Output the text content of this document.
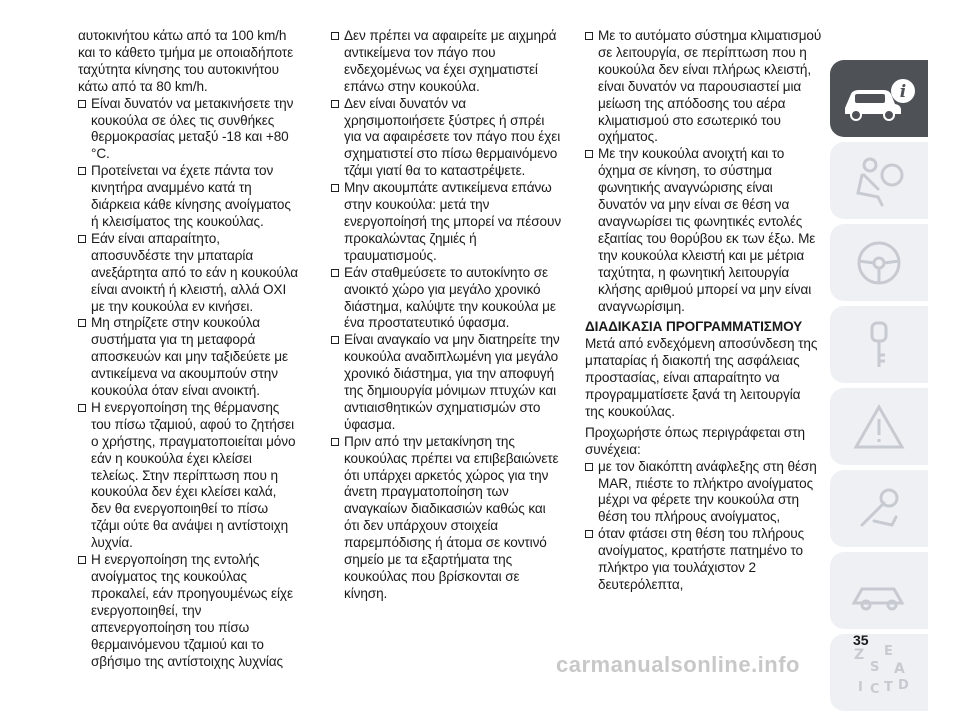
αυτοκινήτου κάτω από τα 100 km/h και το κάθετο τμήμα με οποιαδήποτε ταχύτητα κίνησης του αυτοκινήτου κάτω από τα 80 km/h.

Είναι δυνατόν να μετακινήσετε την κουκούλα σε όλες τις συνθήκες θερμοκρασίας μεταξύ -18 και +80 °C.
Προτείνεται να έχετε πάντα τον κινητήρα αναμμένο κατά τη διάρκεια κάθε κίνησης ανοίγματος ή κλεισίματος της κουκούλας.
Εάν είναι απαραίτητο, αποσυνδέστε την μπαταρία ανεξάρτητα από το εάν η κουκούλα είναι ανοικτή ή κλειστή, αλλά ΟΧΙ με την κουκούλα εν κινήσει.
Μη στηρίζετε στην κουκούλα συστήματα για τη μεταφορά αποσκευών και μην ταξιδεύετε με αντικείμενα να ακουμπούν στην κουκούλα όταν είναι ανοικτή.
Η ενεργοποίηση της θέρμανσης του πίσω τζαμιού, αφού το ζητήσει ο χρήστης, πραγματοποιείται μόνο εάν η κουκούλα έχει κλείσει τελείως. Στην περίπτωση που η κουκούλα δεν έχει κλείσει καλά, δεν θα ενεργοποιηθεί το πίσω τζάμι ούτε θα ανάψει η αντίστοιχη λυχνία.
Η ενεργοποίηση της εντολής ανοίγματος της κουκούλας προκαλεί, εάν προηγουμένως είχε ενεργοποιηθεί, την απενεργοποίηση του πίσω θερμαινόμενου τζαμιού και το σβήσιμο της αντίστοιχης λυχνίας
Δεν πρέπει να αφαιρείτε με αιχμηρά αντικείμενα τον πάγο που ενδεχομένως να έχει σχηματιστεί επάνω στην κουκούλα.
Δεν είναι δυνατόν να χρησιμοποιήσετε ξύστρες ή σπρέι για να αφαιρέσετε τον πάγο που έχει σχηματιστεί στο πίσω θερμαινόμενο τζάμι γιατί θα το καταστρέψετε.
Μην ακουμπάτε αντικείμενα επάνω στην κουκούλα: μετά την ενεργοποίησή της μπορεί να πέσουν προκαλώντας ζημιές ή τραυματισμούς.
Εάν σταθμεύσετε το αυτοκίνητο σε ανοικτό χώρο για μεγάλο χρονικό διάστημα, καλύψτε την κουκούλα με ένα προστατευτικό ύφασμα.
Είναι αναγκαίο να μην διατηρείτε την κουκούλα αναδιπλωμένη για μεγάλο χρονικό διάστημα, για την αποφυγή της δημιουργία μόνιμων πτυχών και αντιαισθητικών σχηματισμών στο ύφασμα.
Πριν από την μετακίνηση της κουκούλας πρέπει να επιβεβαιώνετε ότι υπάρχει αρκετός χώρος για την άνετη πραγματοποίηση των αναγκαίων διαδικασιών καθώς και ότι δεν υπάρχουν στοιχεία παρεμπόδισης ή άτομα σε κοντινό σημείο με τα εξαρτήματα της κουκούλας που βρίσκονται σε κίνηση.
Με το αυτόματο σύστημα κλιματισμού σε λειτουργία, σε περίπτωση που η κουκούλα δεν είναι πλήρως κλειστή, είναι δυνατόν να παρουσιαστεί μια μείωση της απόδοσης του αέρα κλιματισμού στο εσωτερικό του οχήματος.
Με την κουκούλα ανοιχτή και το όχημα σε κίνηση, το σύστημα φωνητικής αναγνώρισης είναι δυνατόν να μην είναι σε θέση να αναγνωρίσει τις φωνητικές εντολές εξαιτίας του θορύβου εκ των έξω. Με την κουκούλα κλειστή και με μέτρια ταχύτητα, η φωνητική λειτουργία κλήσης αριθμού μπορεί να μην είναι αναγνωρίσιμη.

ΔΙΑΔΙΚΑΣΙΑ ΠΡΟΓΡΑΜΜΑΤΙΣΜΟΥ

Μετά από ενδεχόμενη αποσύνδεση της μπαταρίας ή διακοπή της ασφάλειας προστασίας, είναι απαραίτητο να προγραμματίσετε ξανά τη λειτουργία της κουκούλας.

Προχωρήστε όπως περιγράφεται στη συνέχεια:

με τον διακόπτη ανάφλεξης στη θέση MAR, πιέστε το πλήκτρο ανοίγματος μέχρι να φέρετε την κουκούλα στη θέση του πλήρους ανοίγματος,
όταν φτάσει στη θέση του πλήρους ανοίγματος, κρατήστε πατημένο το πλήκτρο για τουλάχιστον 2 δευτερόλεπτα,
i
Z E
S A
I C T D
35
carmanualsonline.info
